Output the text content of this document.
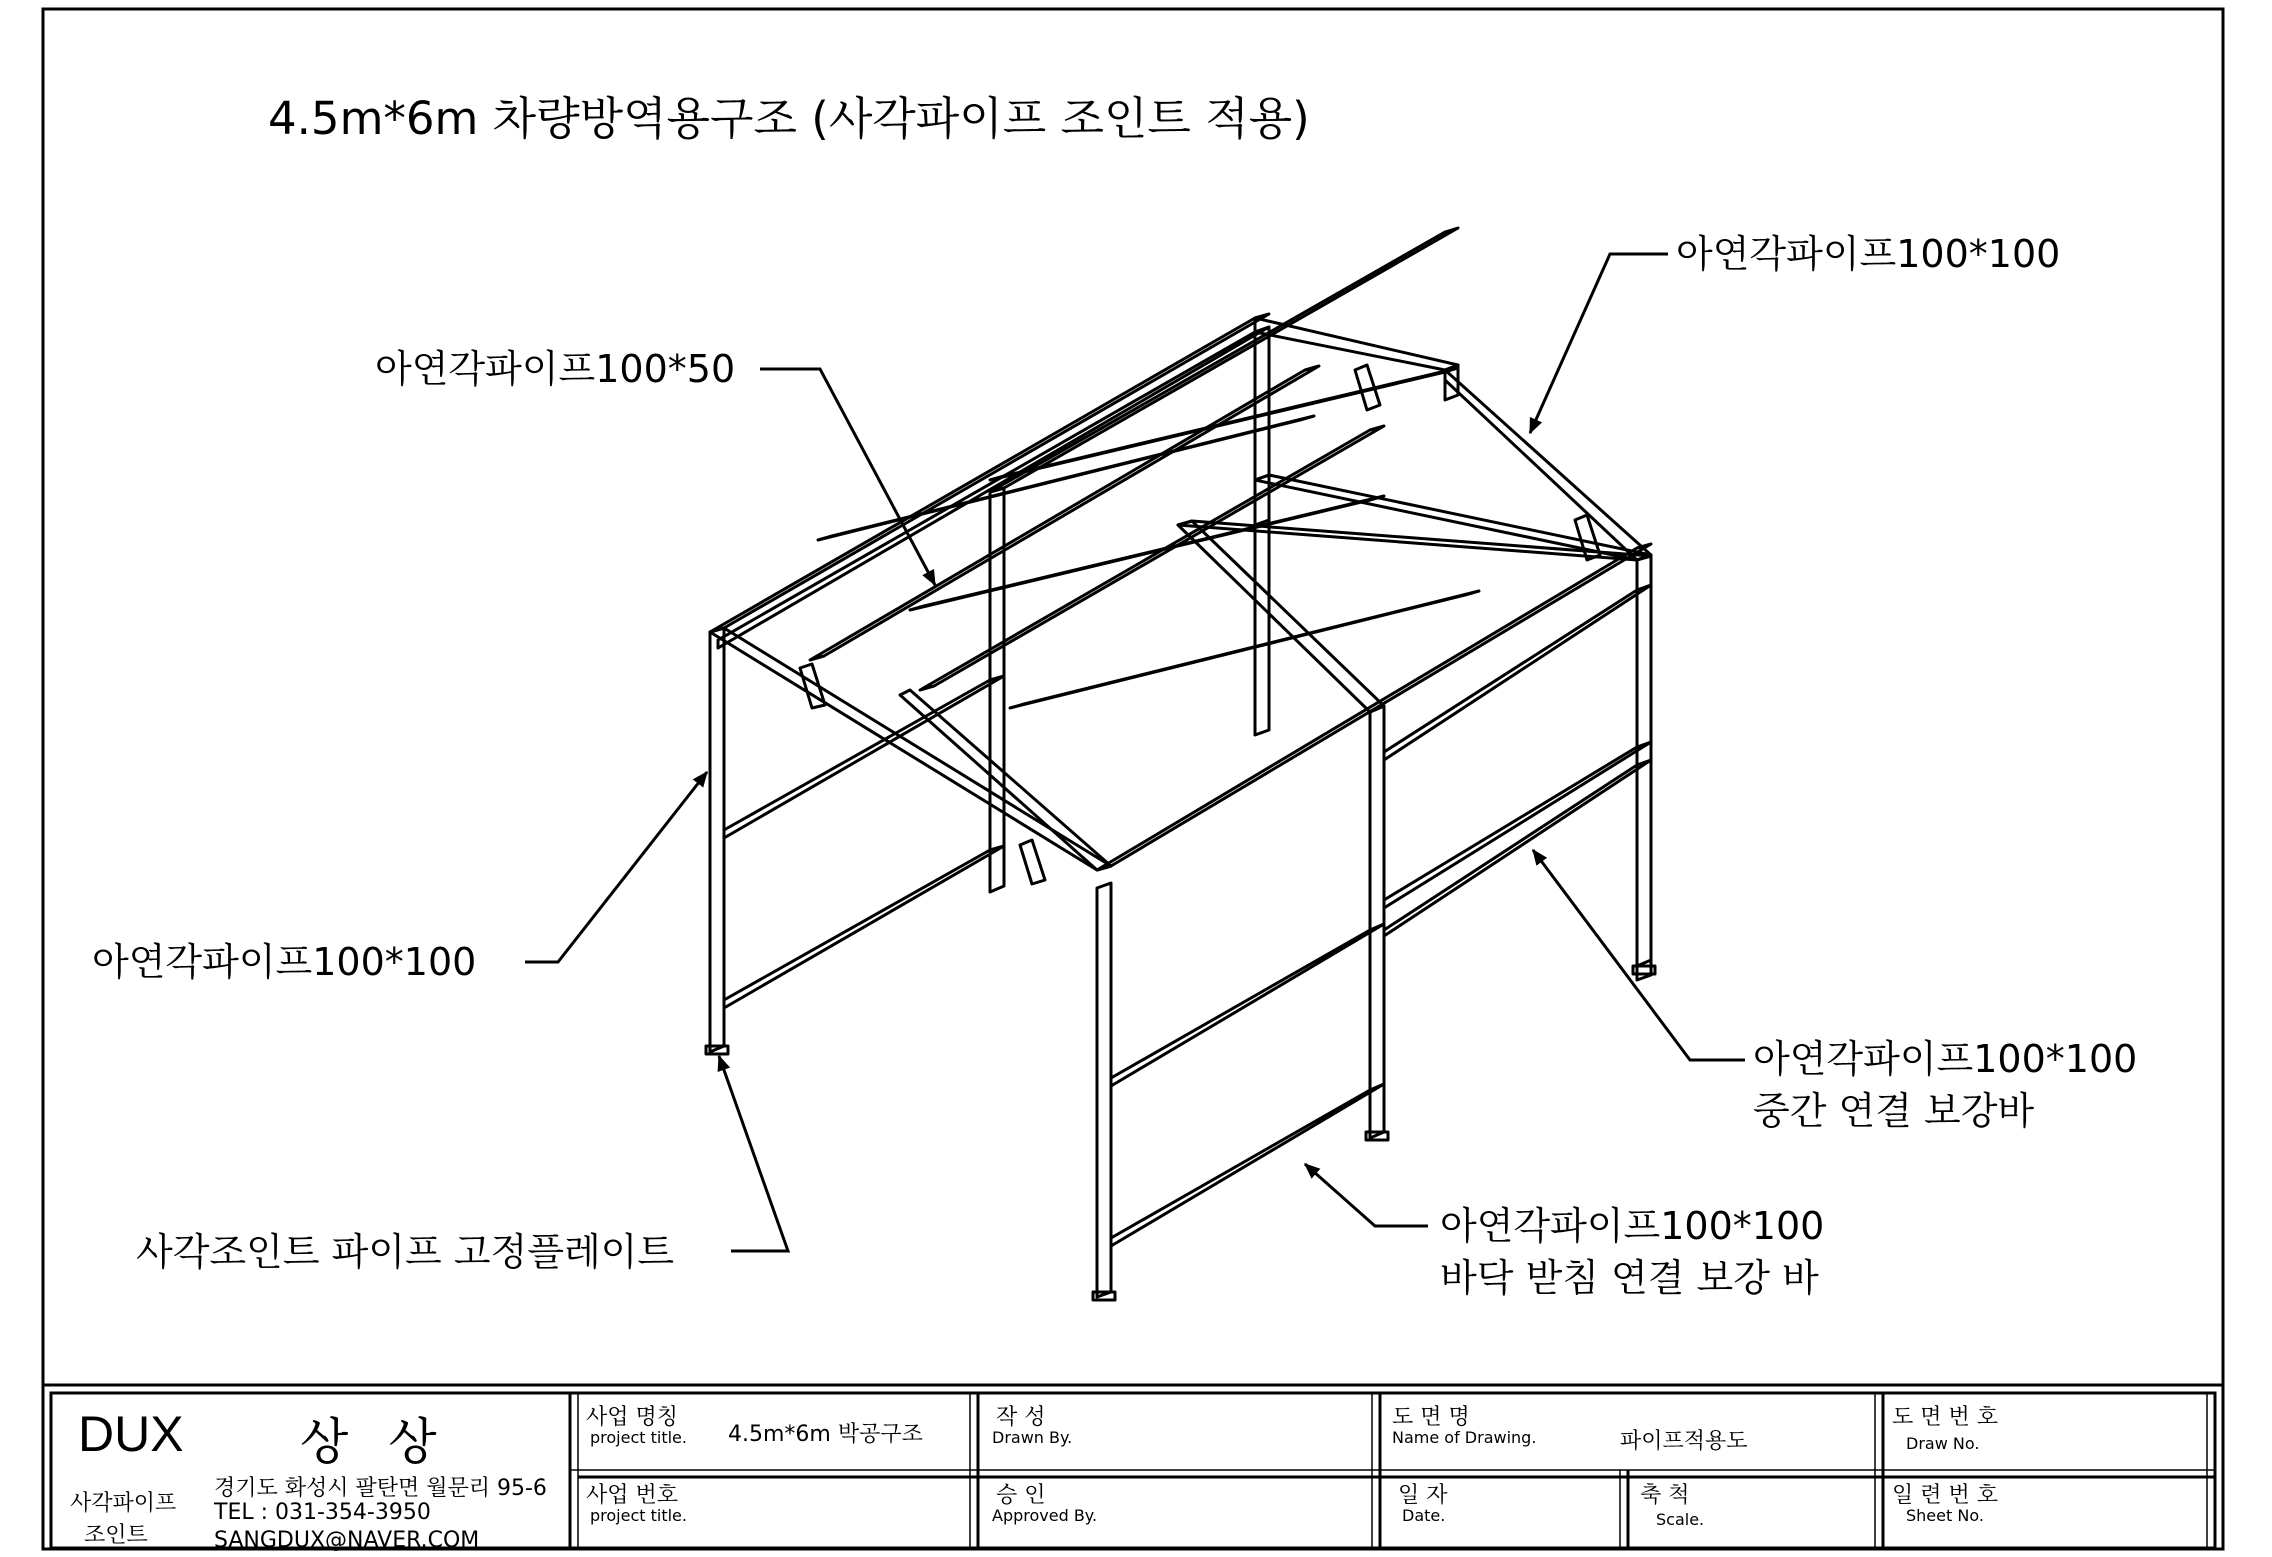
4.5m*6m 차량방역용구조 (사각파이프 조인트 적용)
아연각파이프100*100
아연각파이프100*50
아연각파이프100*100
사각조인트 파이프 고정플레이트
아연각파이프100*100
중간 연결 보강바
아연각파이프100*100
바닥 받침 연결 보강 바
DUX 상 상
사각파이프
조인트
경기도 화성시 팔탄면 월문리 95-6
TEL : 031-354-3950
SANGDUX@NAVER.COM
사업 명칭
project title. 4.5m*6m 박공구조
사업 번호
project title.
작 성
Drawn By.
승 인
Approved By.
도 면 명
Name of Drawing.	파이프적용도
일 자
Date.
축 척
Scale.
도 면 번 호
Draw No.
일 련 번 호
Sheet No.
